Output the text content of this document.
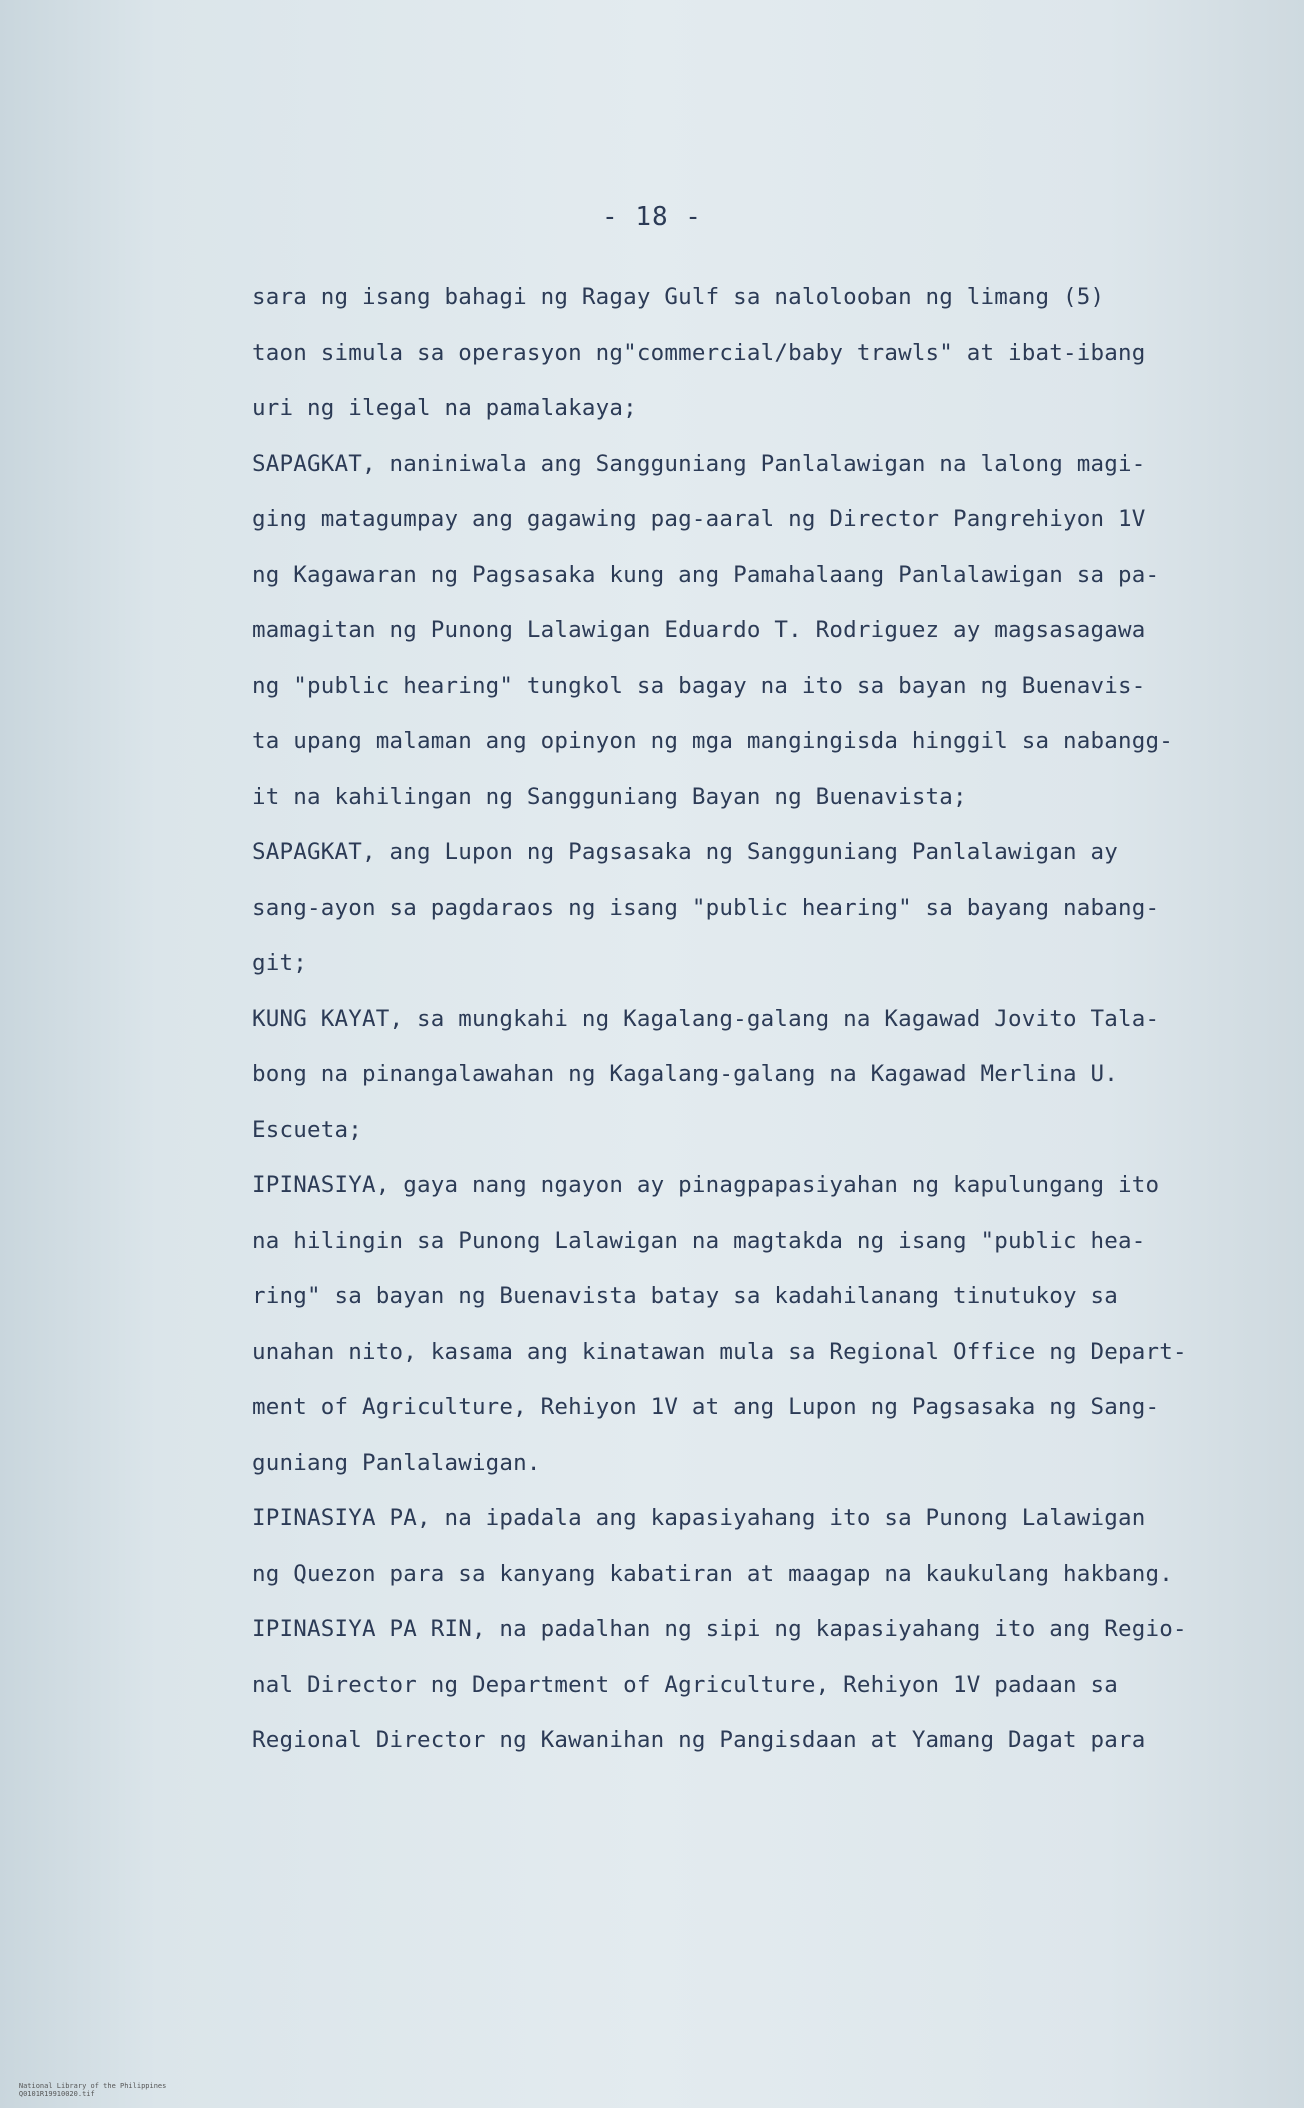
- 18 -
sara ng isang bahagi ng Ragay Gulf sa nalolooban ng limang (5)
taon simula sa operasyon ng"commercial/baby trawls" at ibat-ibang
uri ng ilegal na pamalakaya;
SAPAGKAT, naniniwala ang Sangguniang Panlalawigan na lalong magi-
ging matagumpay ang gagawing pag-aaral ng Director Pangrehiyon 1V
ng Kagawaran ng Pagsasaka kung ang Pamahalaang Panlalawigan sa pa-
mamagitan ng Punong Lalawigan Eduardo T. Rodriguez ay magsasagawa
ng "public hearing" tungkol sa bagay na ito sa bayan ng Buenavis-
ta upang malaman ang opinyon ng mga mangingisda hinggil sa nabangg-
it na kahilingan ng Sangguniang Bayan ng Buenavista;
SAPAGKAT, ang Lupon ng Pagsasaka ng Sangguniang Panlalawigan ay
sang-ayon sa pagdaraos ng isang "public hearing" sa bayang nabang-
git;
KUNG KAYAT, sa mungkahi ng Kagalang-galang na Kagawad Jovito Tala-
bong na pinangalawahan ng Kagalang-galang na Kagawad Merlina U.
Escueta;
IPINASIYA, gaya nang ngayon ay pinagpapasiyahan ng kapulungang ito
na hilingin sa Punong Lalawigan na magtakda ng isang "public hea-
ring" sa bayan ng Buenavista batay sa kadahilanang tinutukoy sa
unahan nito, kasama ang kinatawan mula sa Regional Office ng Depart-
ment of Agriculture, Rehiyon 1V at ang Lupon ng Pagsasaka ng Sang-
guniang Panlalawigan.
IPINASIYA PA, na ipadala ang kapasiyahang ito sa Punong Lalawigan
ng Quezon para sa kanyang kabatiran at maagap na kaukulang hakbang.
IPINASIYA PA RIN, na padalhan ng sipi ng kapasiyahang ito ang Regio-
nal Director ng Department of Agriculture, Rehiyon 1V padaan sa
Regional Director ng Kawanihan ng Pangisdaan at Yamang Dagat para

National Library of the Philippines
Q0101R19910020.tif
